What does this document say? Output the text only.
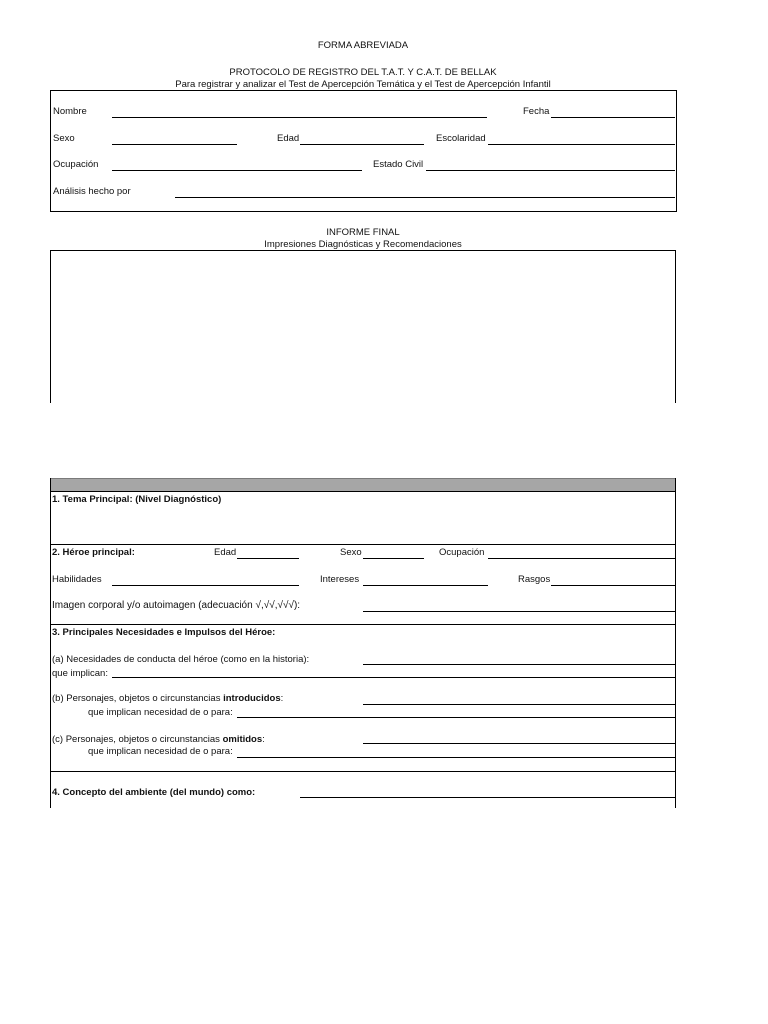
FORMA ABREVIADA
PROTOCOLO DE REGISTRO DEL T.A.T. Y C.A.T. DE BELLAK
Para registrar y analizar el Test de Apercepción Temática y el Test de Apercepción Infantil
Nombre	Fecha
Sexo	Edad	Escolaridad
Ocupación	Estado Civil
Análisis hecho por
INFORME FINAL
Impresiones Diagnósticas y Recomendaciones
1. Tema Principal: (Nivel Diagnóstico)
2. Héroe principal:	Edad	Sexo	Ocupación
Habilidades	Intereses	Rasgos
Imagen corporal y/o autoimagen (adecuación √,√√,√√√):
3. Principales Necesidades e Impulsos del Héroe:
(a) Necesidades de conducta del héroe (como en la historia):
que implican:
(b) Personajes, objetos o circunstancias introducidos:
que implican necesidad de o para:
(c) Personajes, objetos o circunstancias omitidos:
que implican necesidad de o para:
4. Concepto del ambiente (del mundo) como:
